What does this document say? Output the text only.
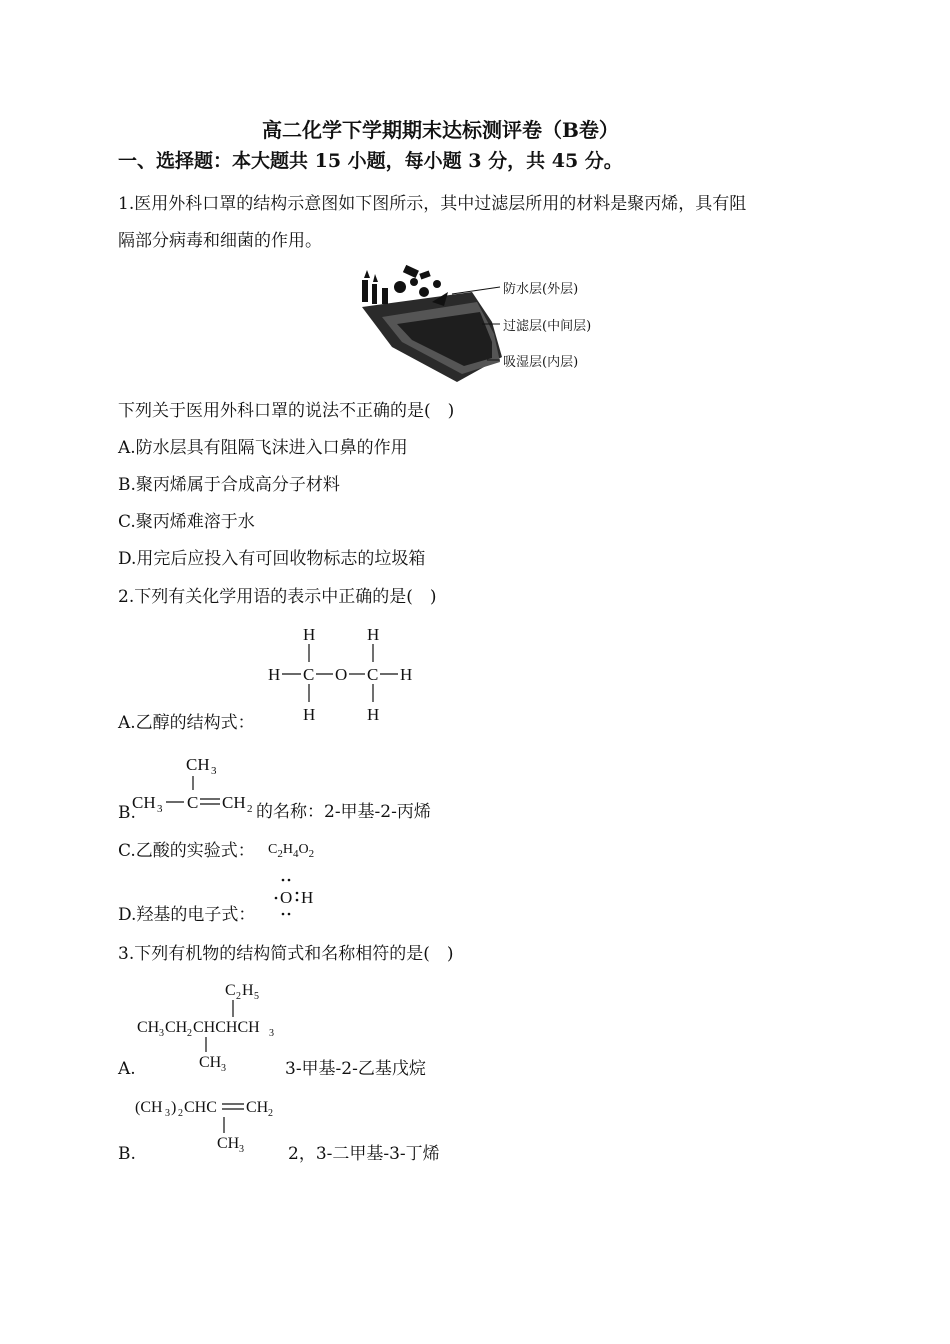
高二化学下学期期末达标测评卷（B卷）
一、选择题：本大题共 15 小题，每小题 3 分，共 45 分。
1.医用外科口罩的结构示意图如下图所示，其中过滤层所用的材料是聚丙烯，具有阻
隔部分病毒和细菌的作用。
防水层(外层)
过滤层(中间层)
吸湿层(内层)
下列关于医用外科口罩的说法不正确的是(　)
A.防水层具有阻隔飞沫进入口鼻的作用
B.聚丙烯属于合成高分子材料
C.聚丙烯难溶于水
D.用完后应投入有可回收物标志的垃圾箱
2.下列有关化学用语的表示中正确的是(　)
H	H
H C O C H
H	H
A.乙醇的结构式：
CH 3
CH 3 C CH 2
B.	的名称：2-甲基-2-丙烯
C.乙酸的实验式： $C_2H_4O_2$
D.羟基的电子式：
O H
3.下列有机物的结构简式和名称相符的是(　)
C 2 H 5
CH 3 CH 2 CHCHCH 3
CH 3
A.	3-甲基-2-乙基戊烷
(CH 3 ) 2 CHC CH 2
CH 3
B.	2，3-二甲基-3-丁烯
